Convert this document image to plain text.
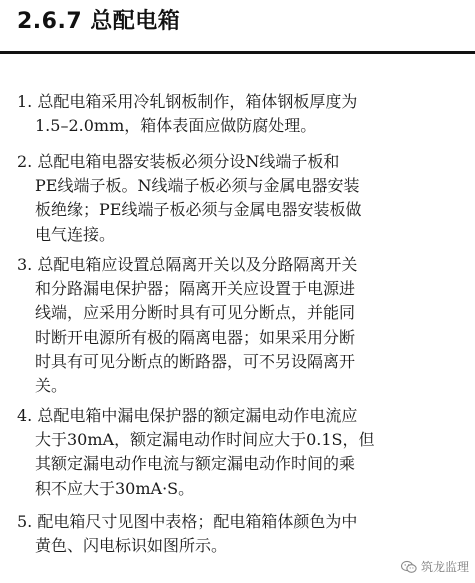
2.6.7 总配电箱
1. 总配电箱采用冷轧钢板制作，箱体钢板厚度为
1.5–2.0mm，箱体表面应做防腐处理。
2. 总配电箱电器安装板必须分设N线端子板和
PE线端子板。N线端子板必须与金属电器安装
板绝缘；PE线端子板必须与金属电器安装板做
电气连接。
3. 总配电箱应设置总隔离开关以及分路隔离开关
和分路漏电保护器；隔离开关应设置于电源进
线端，应采用分断时具有可见分断点，并能同
时断开电源所有极的隔离电器；如果采用分断
时具有可见分断点的断路器，可不另设隔离开
关。
4. 总配电箱中漏电保护器的额定漏电动作电流应
大于30mA，额定漏电动作时间应大于0.1S，但
其额定漏电动作电流与额定漏电动作时间的乘
积不应大于30mA·S。
5. 配电箱尺寸见图中表格；配电箱箱体颜色为中
黄色、闪电标识如图所示。
筑龙监理
